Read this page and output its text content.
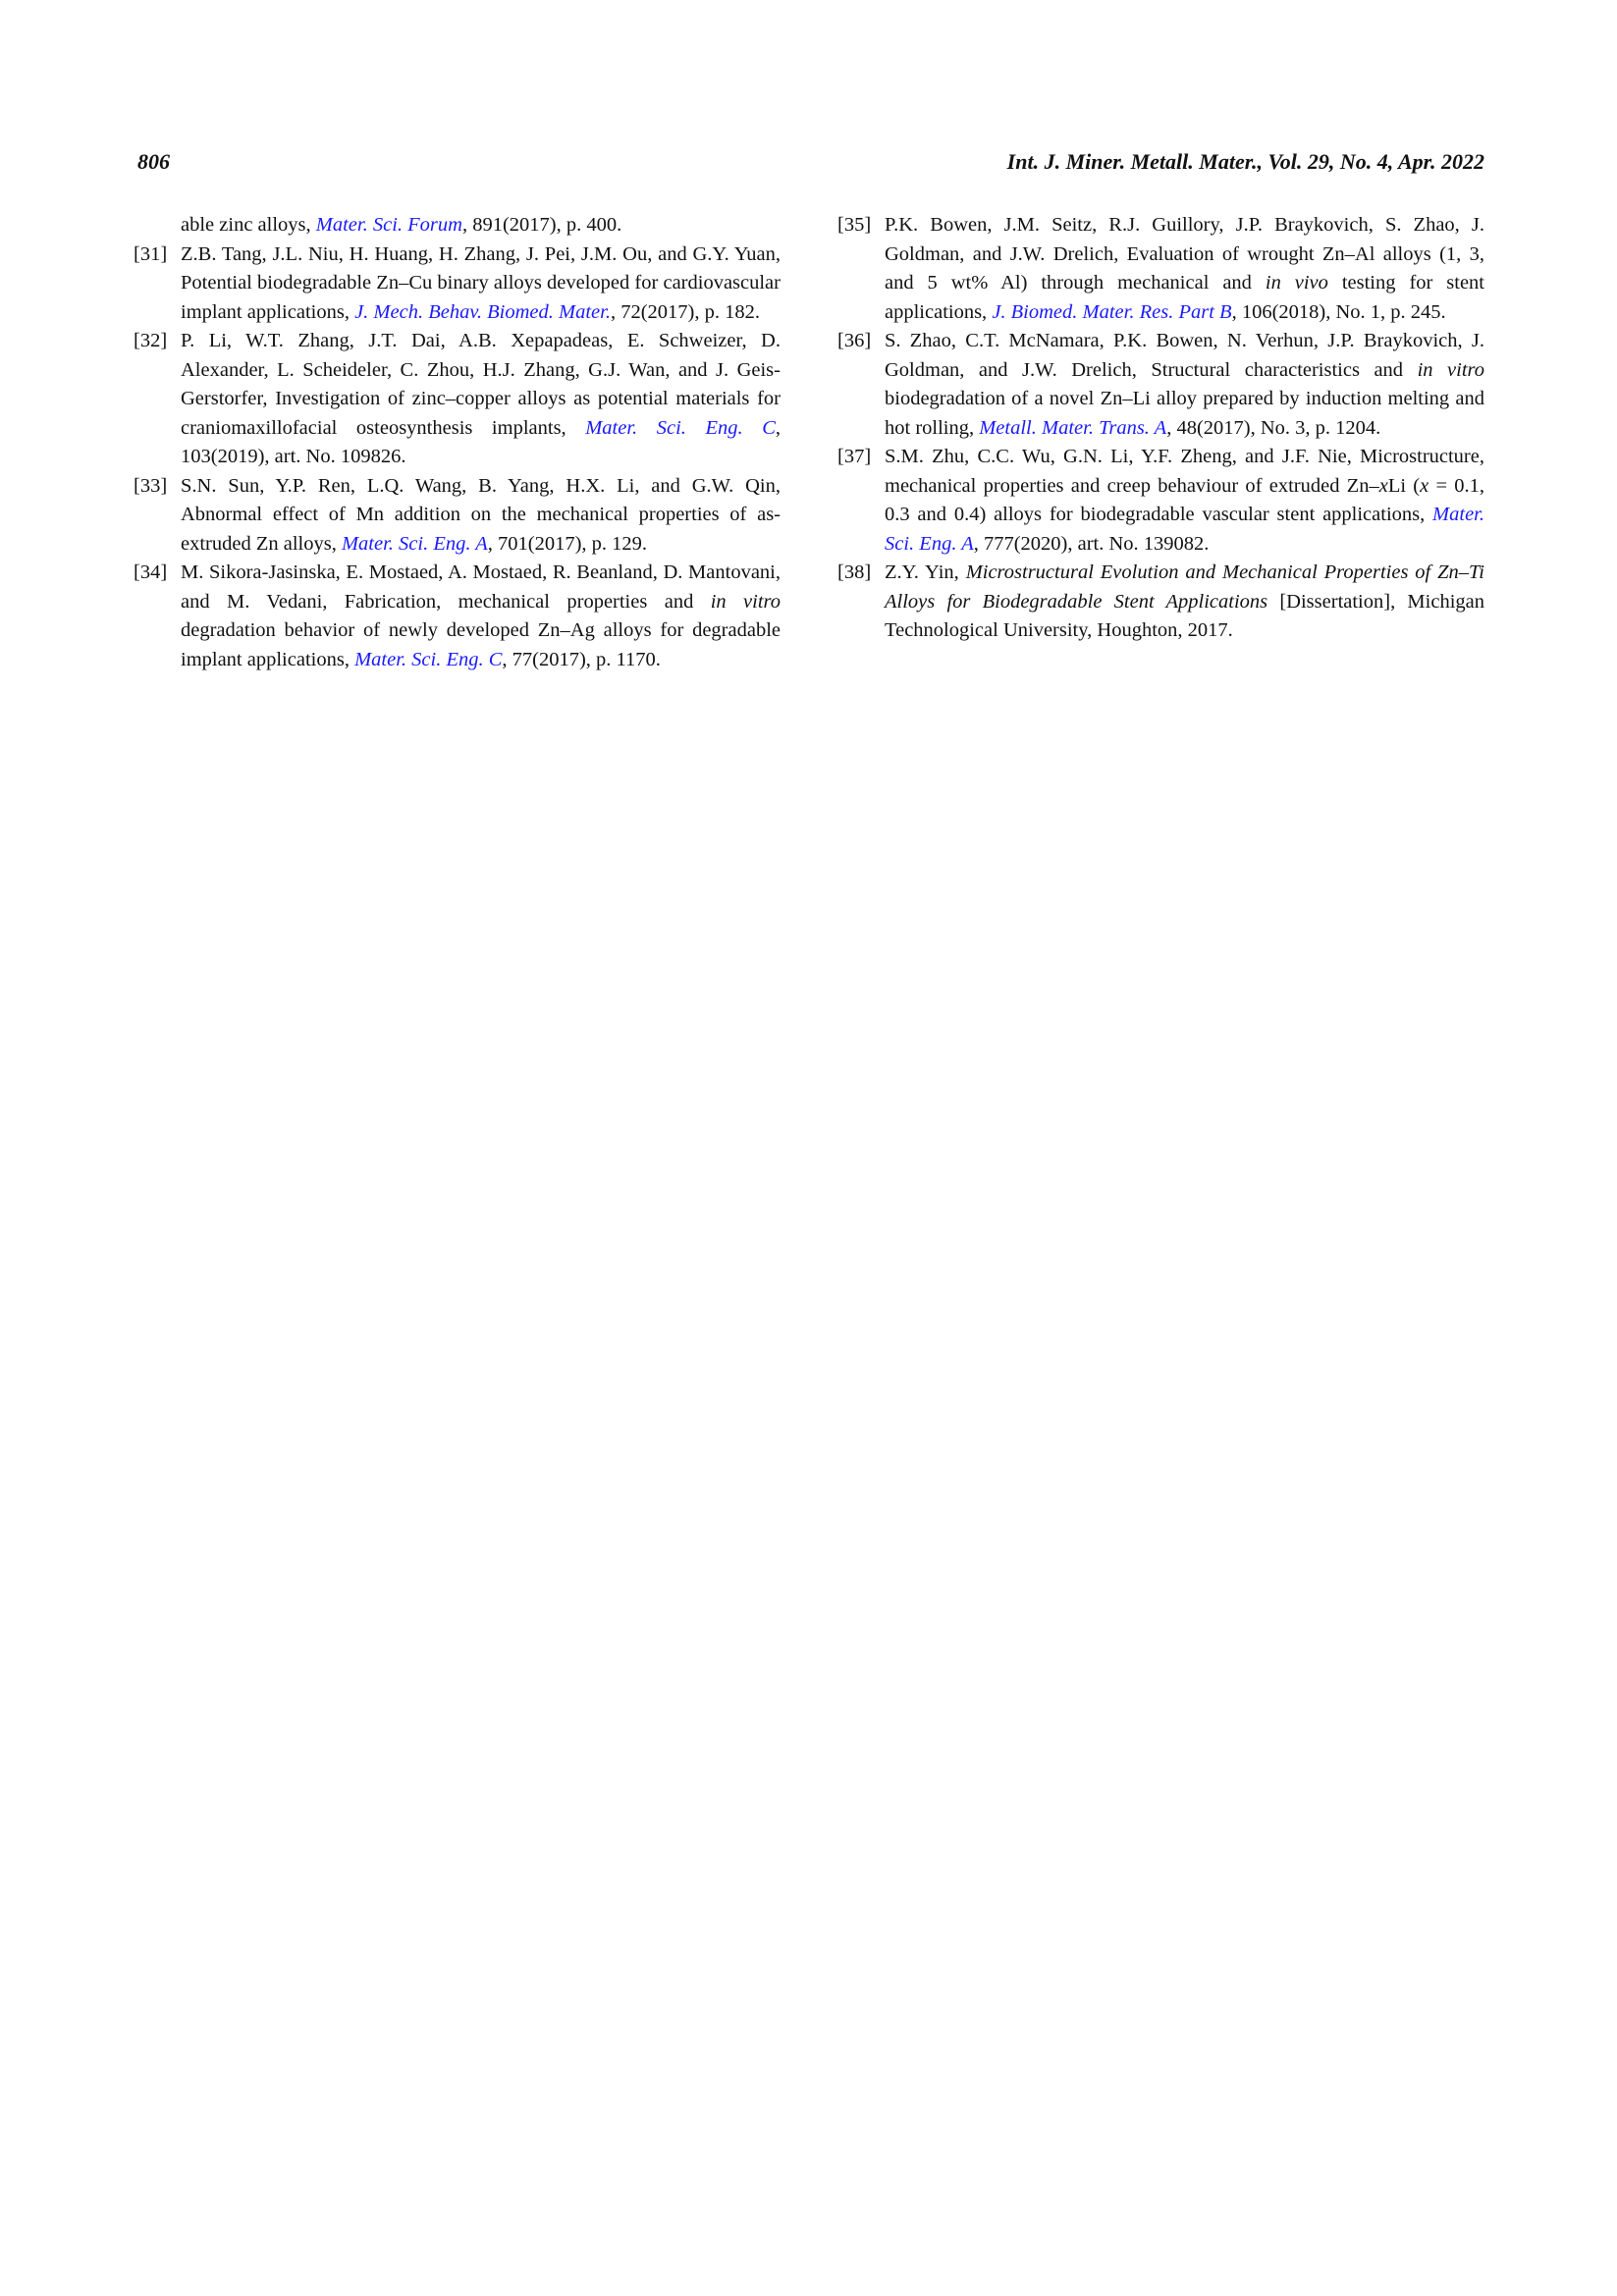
806	Int. J. Miner. Metall. Mater., Vol. 29, No. 4, Apr. 2022

able zinc alloys, Mater. Sci. Forum, 891(2017), p. 400.

[31] Z.B. Tang, J.L. Niu, H. Huang, H. Zhang, J. Pei, J.M. Ou, and G.Y. Yuan, Potential biodegradable Zn–Cu binary alloys developed for cardiovascular implant applications, J. Mech. Behav. Biomed. Mater., 72(2017), p. 182.

[32] P. Li, W.T. Zhang, J.T. Dai, A.B. Xepapadeas, E. Schweizer, D. Alexander, L. Scheideler, C. Zhou, H.J. Zhang, G.J. Wan, and J. Geis-Gerstorfer, Investigation of zinc–copper alloys as potential materials for craniomaxillofacial osteosynthesis implants, Mater. Sci. Eng. C, 103(2019), art. No. 109826.

[33] S.N. Sun, Y.P. Ren, L.Q. Wang, B. Yang, H.X. Li, and G.W. Qin, Abnormal effect of Mn addition on the mechanical properties of as-extruded Zn alloys, Mater. Sci. Eng. A, 701(2017), p. 129.

[34] M. Sikora-Jasinska, E. Mostaed, A. Mostaed, R. Beanland, D. Mantovani, and M. Vedani, Fabrication, mechanical properties and in vitro degradation behavior of newly developed Zn–Ag alloys for degradable implant applications, Mater. Sci. Eng. C, 77(2017), p. 1170.

[35] P.K. Bowen, J.M. Seitz, R.J. Guillory, J.P. Braykovich, S. Zhao, J. Goldman, and J.W. Drelich, Evaluation of wrought Zn–Al alloys (1, 3, and 5 wt% Al) through mechanical and in vivo testing for stent applications, J. Biomed. Mater. Res. Part B, 106(2018), No. 1, p. 245.

[36] S. Zhao, C.T. McNamara, P.K. Bowen, N. Verhun, J.P. Braykovich, J. Goldman, and J.W. Drelich, Structural characteristics and in vitro biodegradation of a novel Zn–Li alloy prepared by induction melting and hot rolling, Metall. Mater. Trans. A, 48(2017), No. 3, p. 1204.

[37] S.M. Zhu, C.C. Wu, G.N. Li, Y.F. Zheng, and J.F. Nie, Microstructure, mechanical properties and creep behaviour of extruded Zn–xLi (x = 0.1, 0.3 and 0.4) alloys for biodegradable vascular stent applications, Mater. Sci. Eng. A, 777(2020), art. No. 139082.

[38] Z.Y. Yin, Microstructural Evolution and Mechanical Properties of Zn–Ti Alloys for Biodegradable Stent Applications [Dissertation], Michigan Technological University, Houghton, 2017.
